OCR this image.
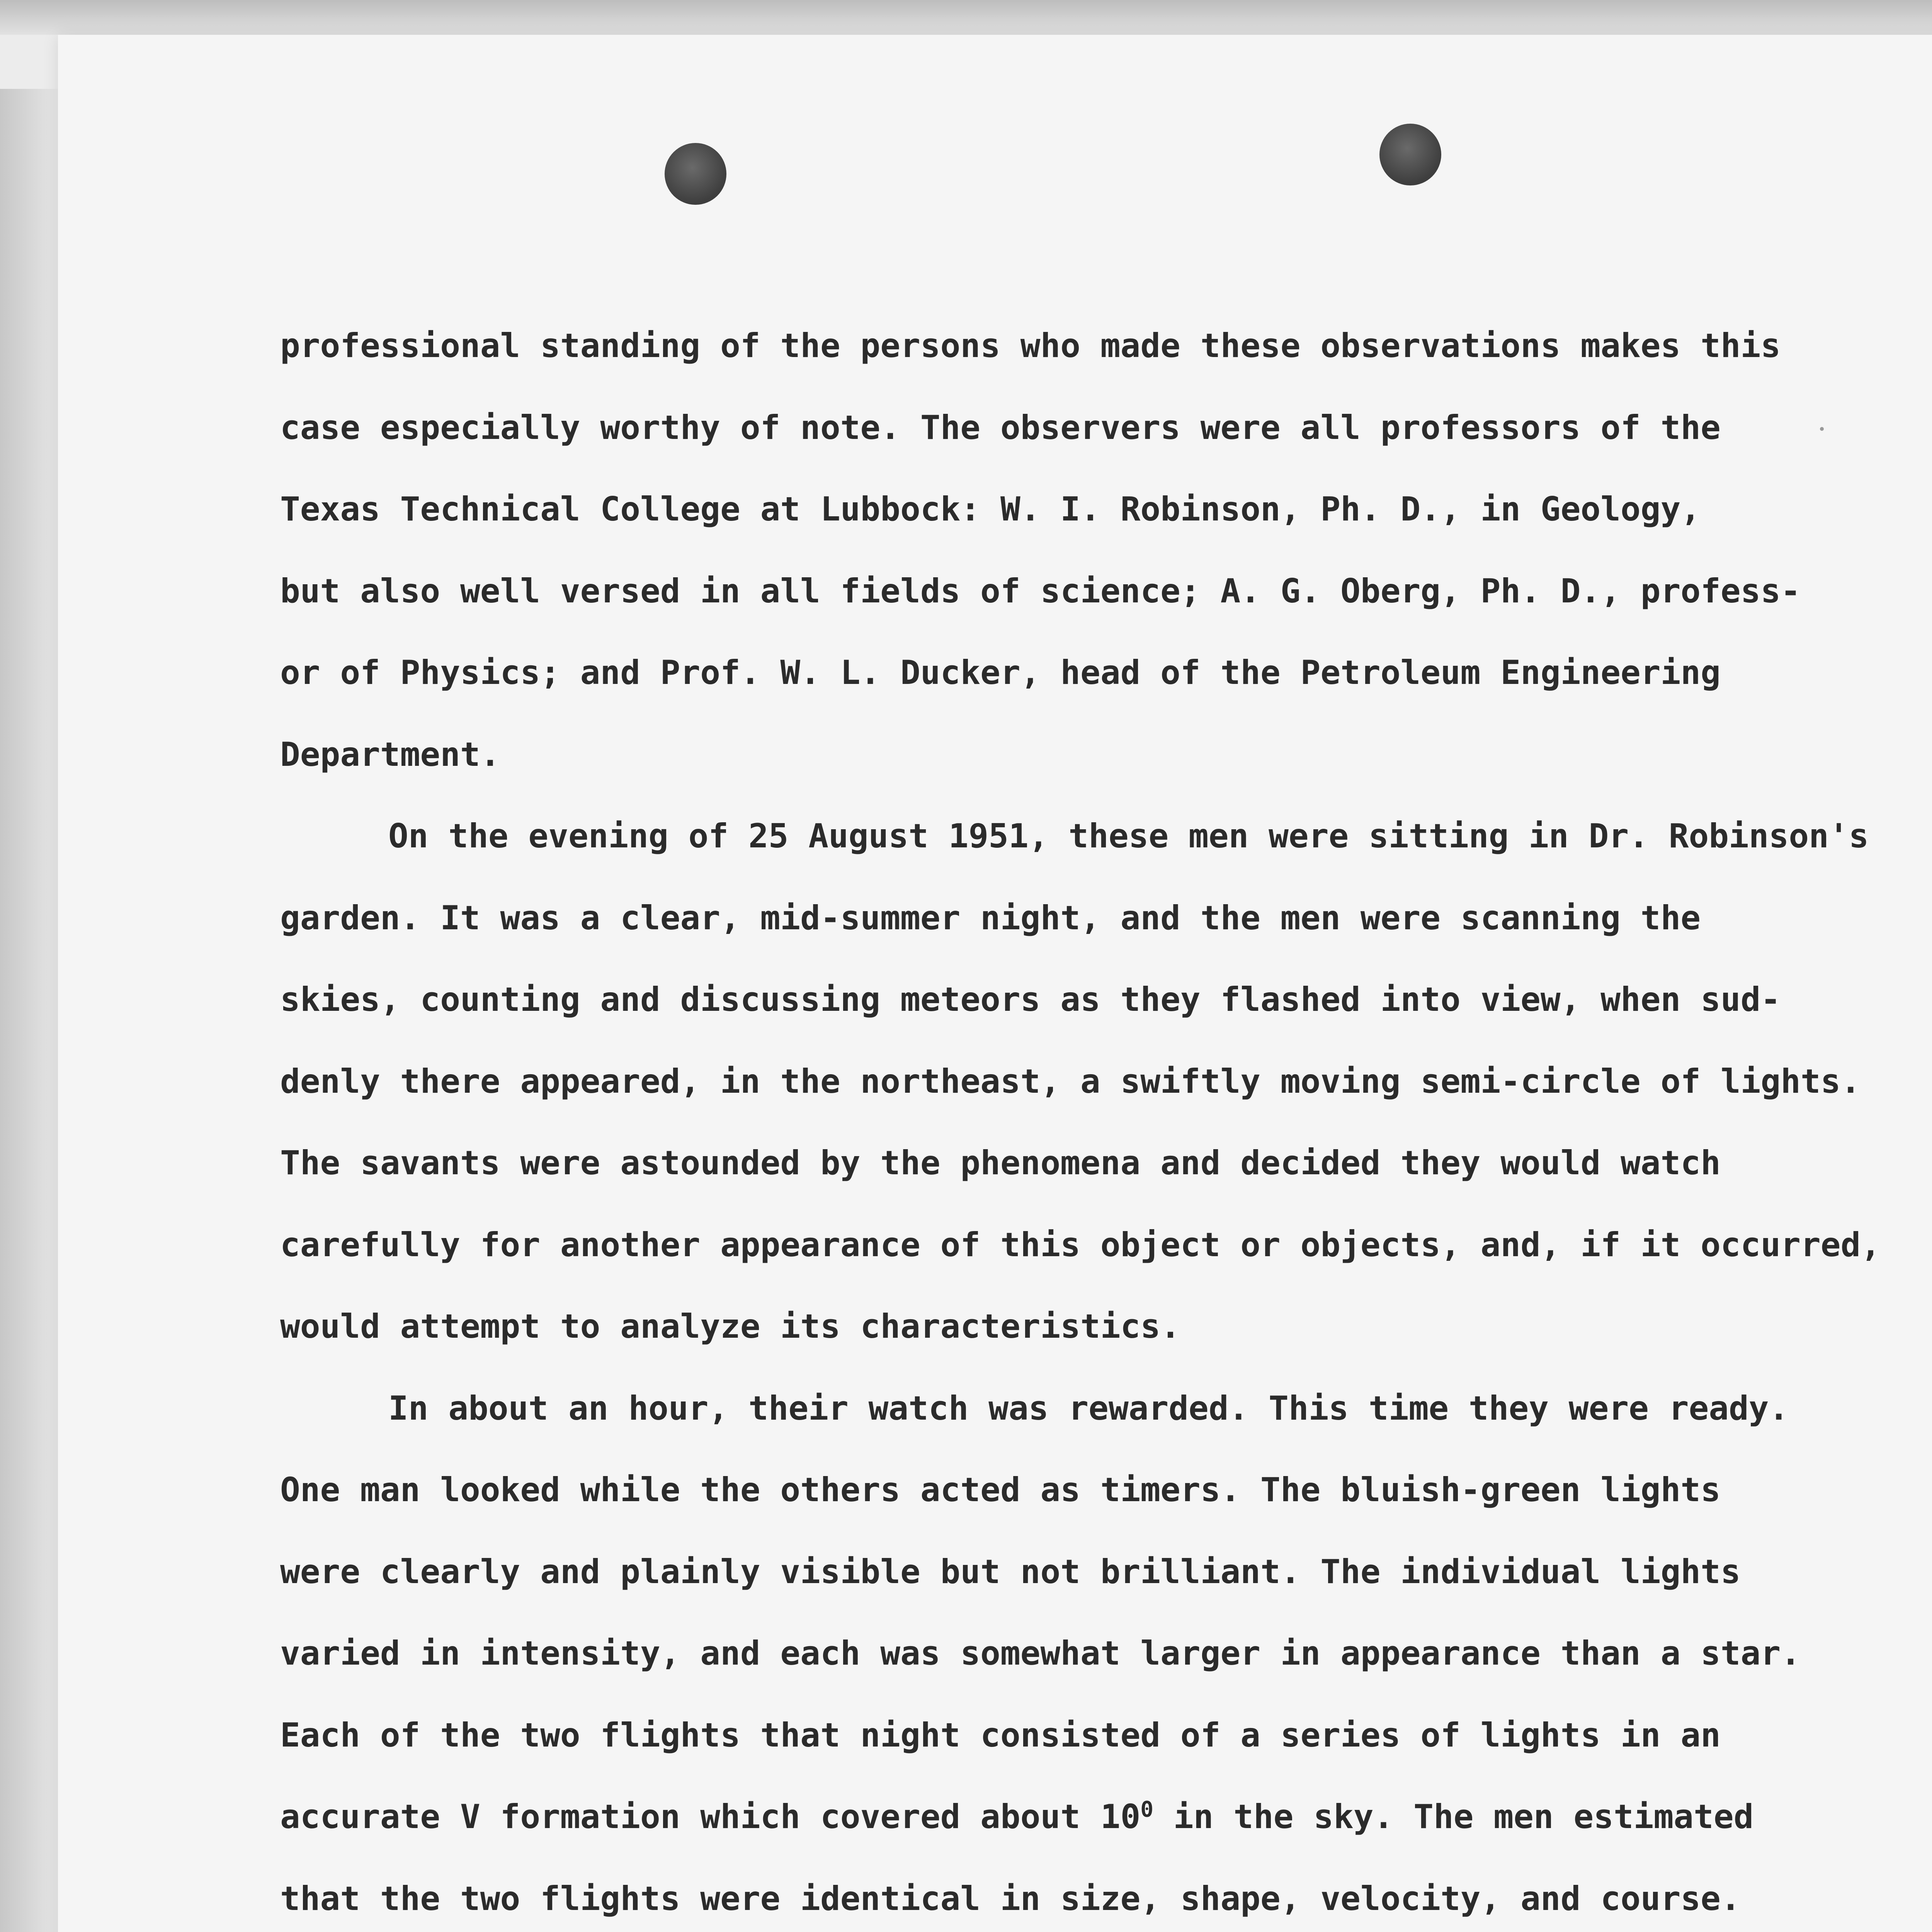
professional standing of the persons who made these observations makes this
case especially worthy of note. The observers were all professors of the
Texas Technical College at Lubbock: W. I. Robinson, Ph. D., in Geology,
but also well versed in all fields of science; A. G. Oberg, Ph. D., profess-
or of Physics; and Prof. W. L. Ducker, head of the Petroleum Engineering
Department.
On the evening of 25 August 1951, these men were sitting in Dr. Robinson's
garden. It was a clear, mid-summer night, and the men were scanning the
skies, counting and discussing meteors as they flashed into view, when sud-
denly there appeared, in the northeast, a swiftly moving semi-circle of lights.
The savants were astounded by the phenomena and decided they would watch
carefully for another appearance of this object or objects, and, if it occurred,
would attempt to analyze its characteristics.
In about an hour, their watch was rewarded. This time they were ready.
One man looked while the others acted as timers. The bluish-green lights
were clearly and plainly visible but not brilliant. The individual lights
varied in intensity, and each was somewhat larger in appearance than a star.
Each of the two flights that night consisted of a series of lights in an
accurate V formation which covered about $10^0$ in the sky. The men estimated
that the two flights were identical in size, shape, velocity, and course.
